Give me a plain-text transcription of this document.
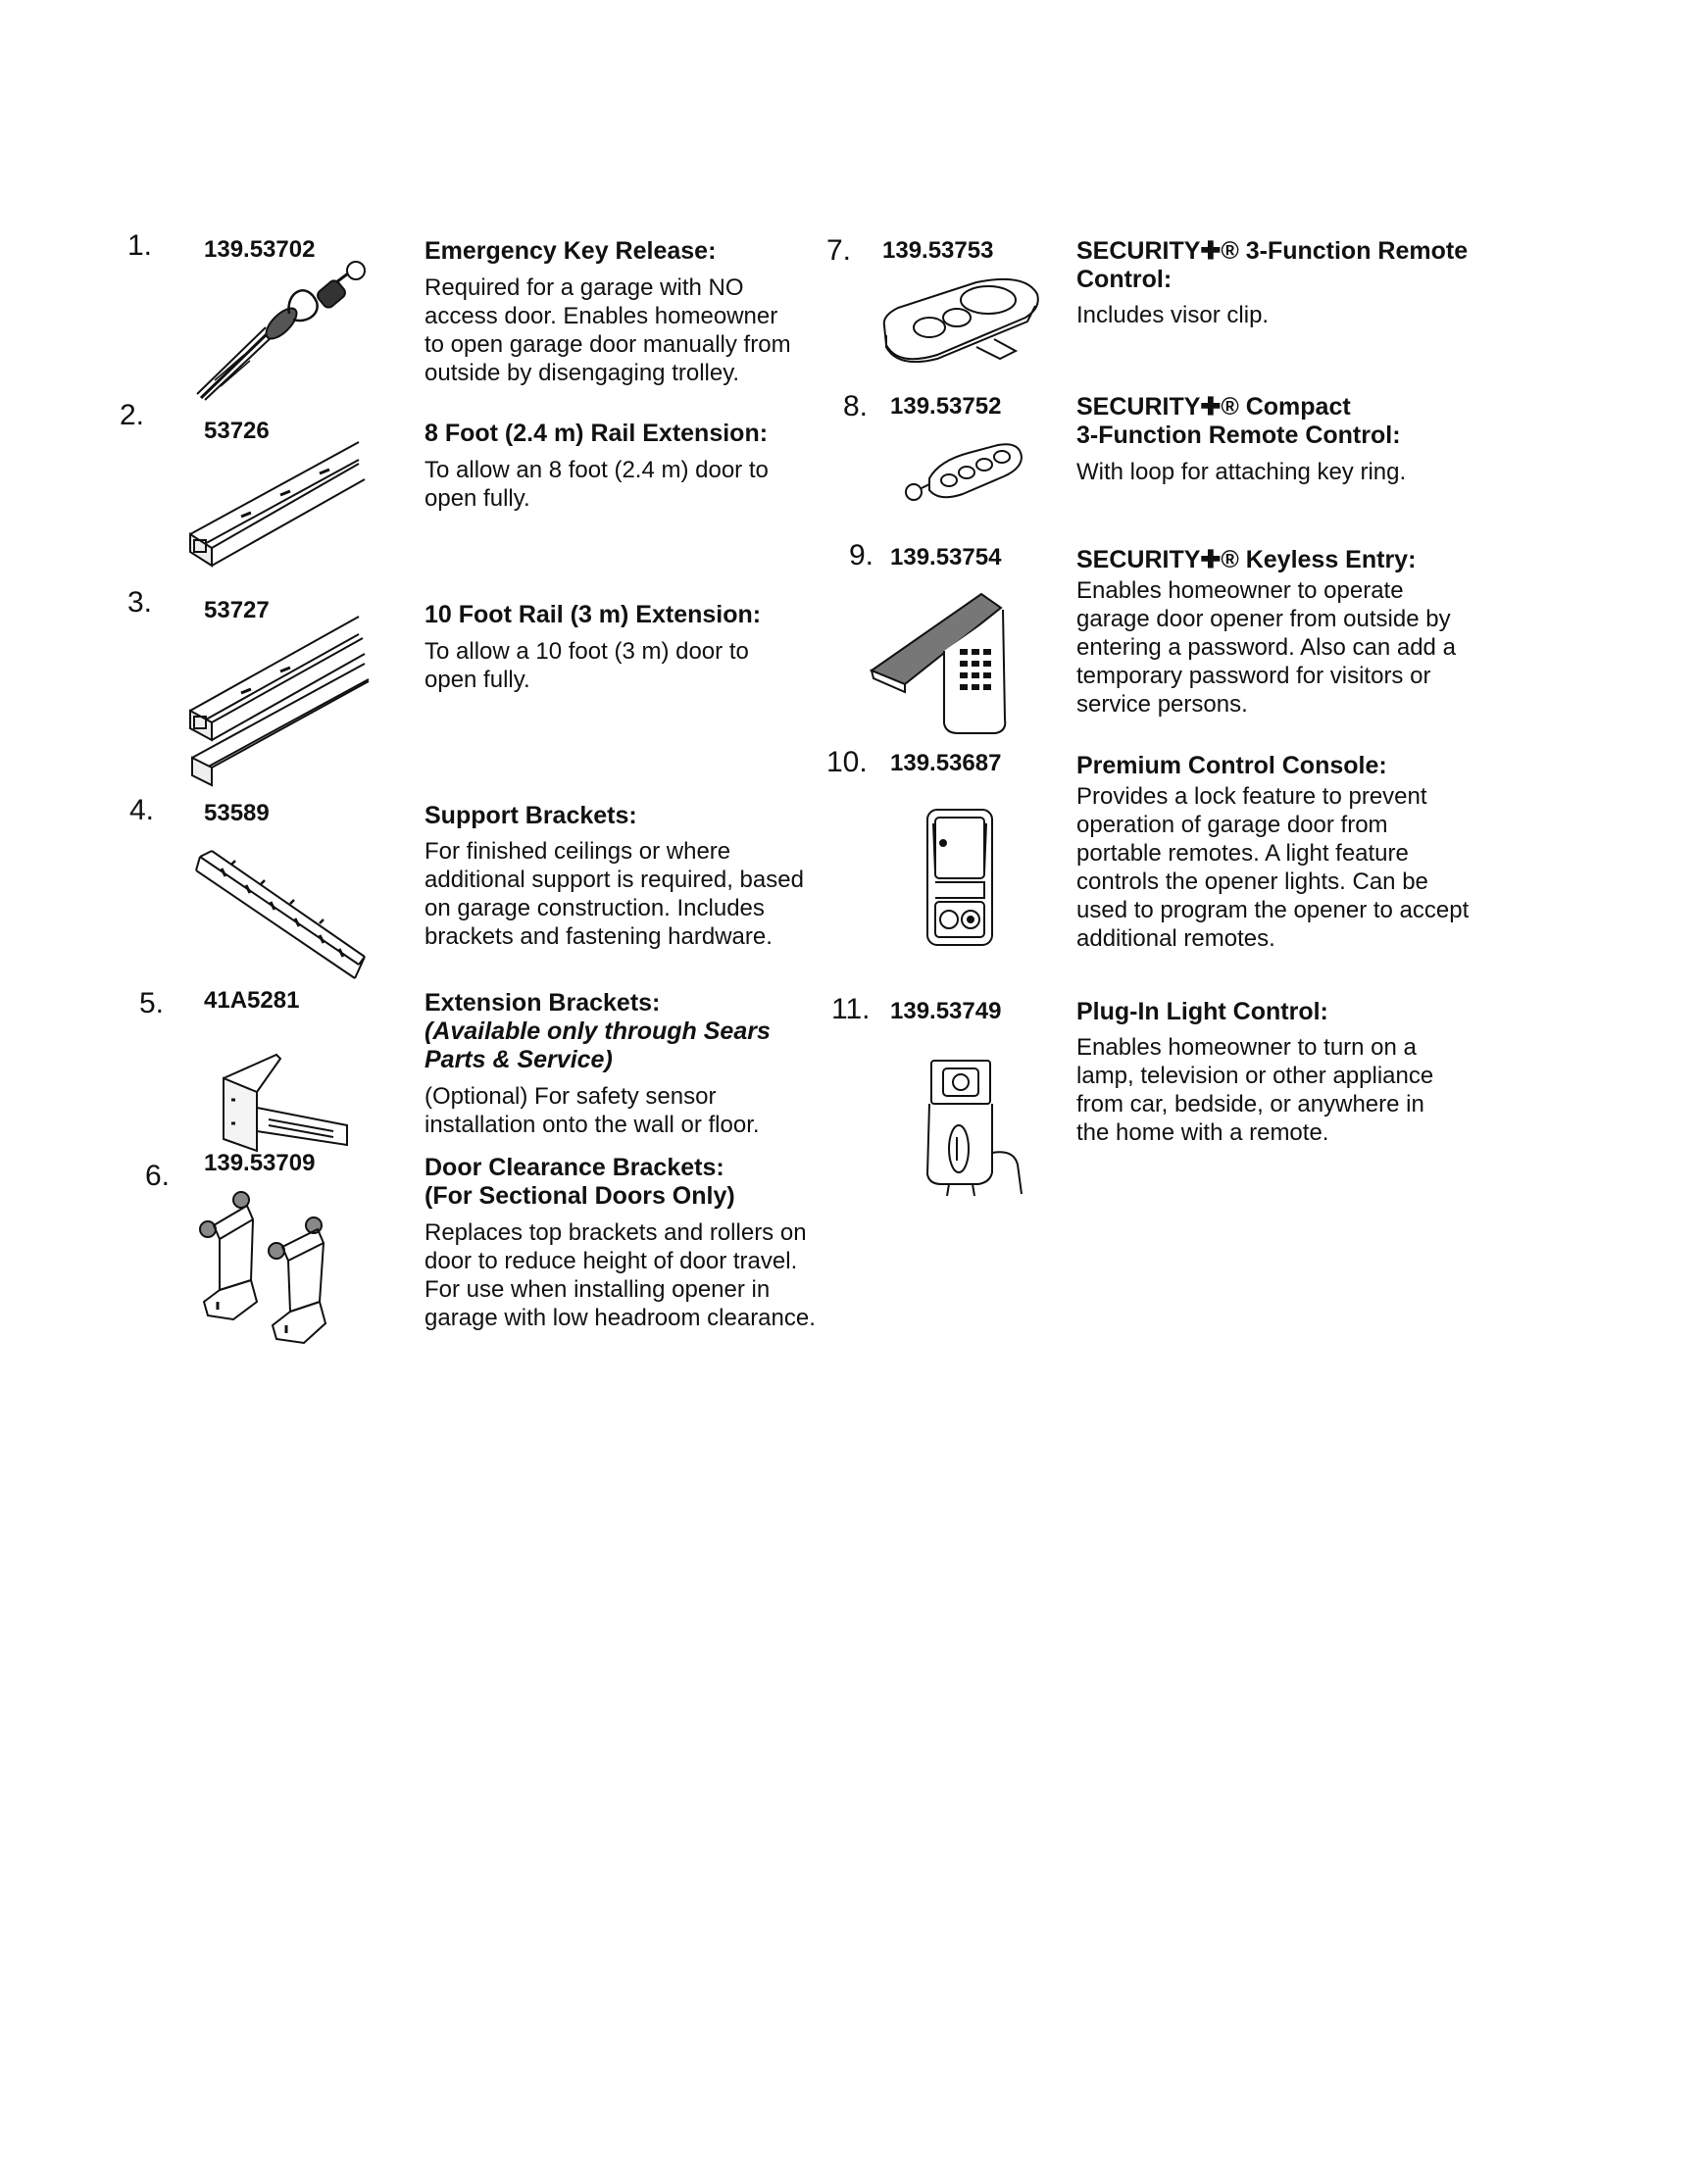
1. 139.53702	Emergency Key Release:

Required for a garage with NO
access door. Enables homeowner
to open garage door manually from
outside by disengaging trolley.

2.	53726	8 Foot (2.4 m) Rail Extension:

To allow an 8 foot (2.4 m) door to
open fully.

3. 53727	10 Foot Rail (3 m) Extension:

To allow a 10 foot (3 m) door to
open fully.

4. 53589	Support Brackets:

For finished ceilings or where
additional support is required, based
on garage construction. Includes
brackets and fastening hardware.

5. 41A5281	Extension Brackets:
(Available only through Sears
Parts & Service)

(Optional) For safety sensor
installation onto the wall or floor.

6. 139.53709	Door Clearance Brackets:
(For Sectional Doors Only)

Replaces top brackets and rollers on
door to reduce height of door travel.
For use when installing opener in
garage with low headroom clearance.

7. 139.53753	SECURITY✚® 3-Function Remote
Control:

Includes visor clip.

8. 139.53752	SECURITY✚® Compact
3-Function Remote Control:

With loop for attaching key ring.

9. 139.53754	SECURITY✚® Keyless Entry:

Enables homeowner to operate
garage door opener from outside by
entering a password. Also can add a
temporary password for visitors or
service persons.

10. 139.53687	Premium Control Console:

Provides a lock feature to prevent
operation of garage door from
portable remotes. A light feature
controls the opener lights. Can be
used to program the opener to accept
additional remotes.

11. 139.53749	Plug-In Light Control:

Enables homeowner to turn on a
lamp, television or other appliance
from car, bedside, or anywhere in
the home with a remote.
